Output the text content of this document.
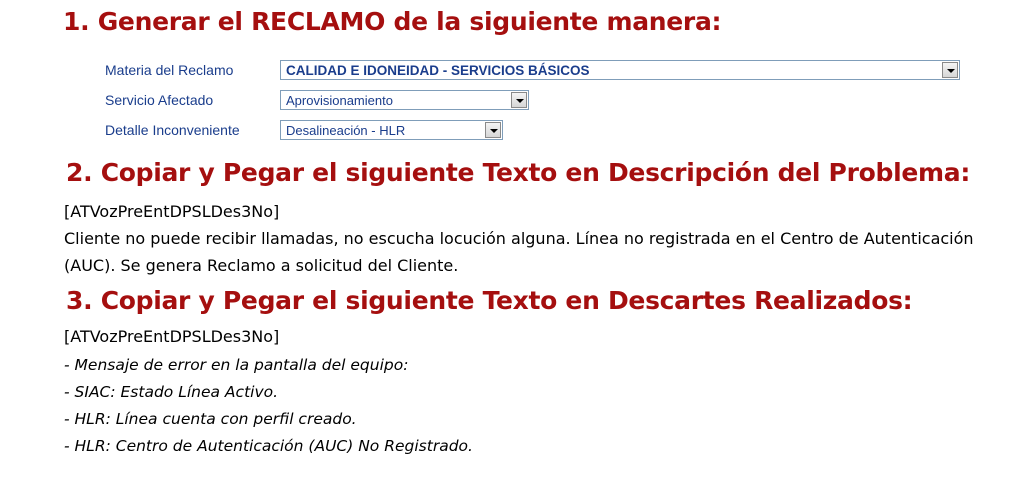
1. Generar el RECLAMO de la siguiente manera:
Materia del Reclamo	CALIDAD E IDONEIDAD - SERVICIOS BÁSICOS
Servicio Afectado	Aprovisionamiento
Detalle Inconveniente	Desalineación - HLR
2. Copiar y Pegar el siguiente Texto en Descripción del Problema:

[ATVozPreEntDPSLDes3No]

Cliente no puede recibir llamadas, no escucha locución alguna. Línea no registrada en el Centro de Autenticación (AUC). Se genera Reclamo a solicitud del Cliente.

3. Copiar y Pegar el siguiente Texto en Descartes Realizados:

[ATVozPreEntDPSLDes3No]

- Mensaje de error en la pantalla del equipo:
- SIAC: Estado Línea Activo.
- HLR: Línea cuenta con perfil creado.
- HLR: Centro de Autenticación (AUC) No Registrado.
